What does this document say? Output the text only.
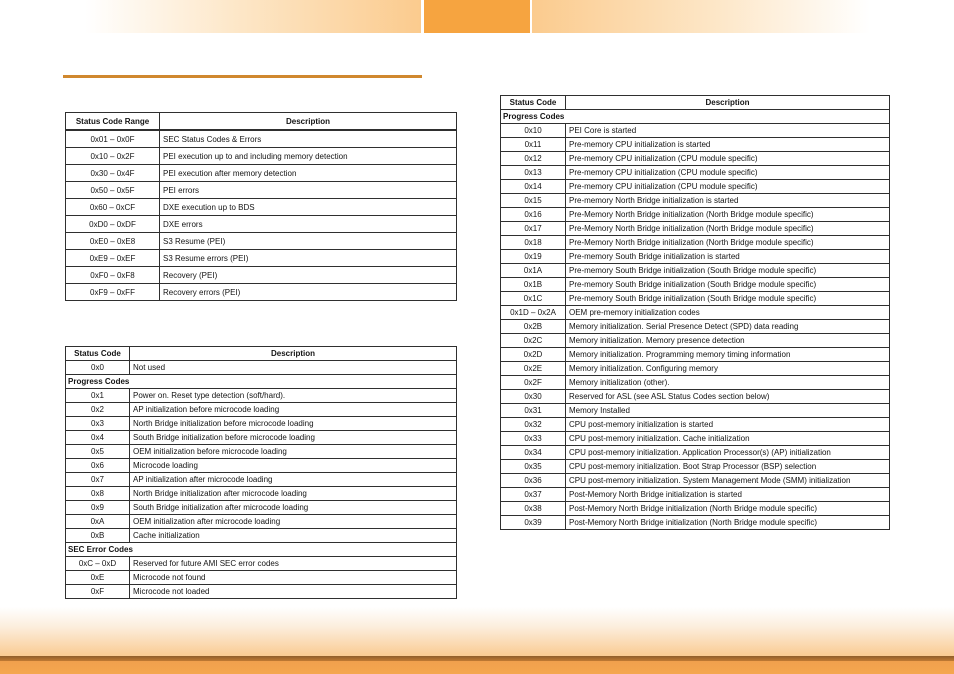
Status Code Range	Description
0x01 – 0x0F	SEC Status Codes & Errors
0x10 – 0x2F	PEI execution up to and including memory detection
0x30 – 0x4F	PEI execution after memory detection
0x50 – 0x5F	PEI errors
0x60 – 0xCF	DXE execution up to BDS
0xD0 – 0xDF	DXE errors
0xE0 – 0xE8	S3 Resume (PEI)
0xE9 – 0xEF	S3 Resume errors (PEI)
0xF0 – 0xF8	Recovery (PEI)
0xF9 – 0xFF	Recovery errors (PEI)
Status Code	Description
0x0	Not used
Progress Codes	
0x1	Power on. Reset type detection (soft/hard).
0x2	AP initialization before microcode loading
0x3	North Bridge initialization before microcode loading
0x4	South Bridge initialization before microcode loading
0x5	OEM initialization before microcode loading
0x6	Microcode loading
0x7	AP initialization after microcode loading
0x8	North Bridge initialization after microcode loading
0x9	South Bridge initialization after microcode loading
0xA	OEM initialization after microcode loading
0xB	Cache initialization
SEC Error Codes	
0xC – 0xD	Reserved for future AMI SEC error codes
0xE	Microcode not found
0xF	Microcode not loaded
Status Code	Description
Progress Codes	
0x10	PEI Core is started
0x11	Pre-memory CPU initialization is started
0x12	Pre-memory CPU initialization (CPU module specific)
0x13	Pre-memory CPU initialization (CPU module specific)
0x14	Pre-memory CPU initialization (CPU module specific)
0x15	Pre-memory North Bridge initialization is started
0x16	Pre-Memory North Bridge initialization (North Bridge module specific)
0x17	Pre-Memory North Bridge initialization (North Bridge module specific)
0x18	Pre-Memory North Bridge initialization (North Bridge module specific)
0x19	Pre-memory South Bridge initialization is started
0x1A	Pre-memory South Bridge initialization (South Bridge module specific)
0x1B	Pre-memory South Bridge initialization (South Bridge module specific)
0x1C	Pre-memory South Bridge initialization (South Bridge module specific)
0x1D – 0x2A	OEM pre-memory initialization codes
0x2B	Memory initialization. Serial Presence Detect (SPD) data reading
0x2C	Memory initialization. Memory presence detection
0x2D	Memory initialization. Programming memory timing information
0x2E	Memory initialization. Configuring memory
0x2F	Memory initialization (other).
0x30	Reserved for ASL (see ASL Status Codes section below)
0x31	Memory Installed
0x32	CPU post-memory initialization is started
0x33	CPU post-memory initialization. Cache initialization
0x34	CPU post-memory initialization. Application Processor(s) (AP) initialization
0x35	CPU post-memory initialization. Boot Strap Processor (BSP) selection
0x36	CPU post-memory initialization. System Management Mode (SMM) initialization
0x37	Post-Memory North Bridge initialization is started
0x38	Post-Memory North Bridge initialization (North Bridge module specific)
0x39	Post-Memory North Bridge initialization (North Bridge module specific)
